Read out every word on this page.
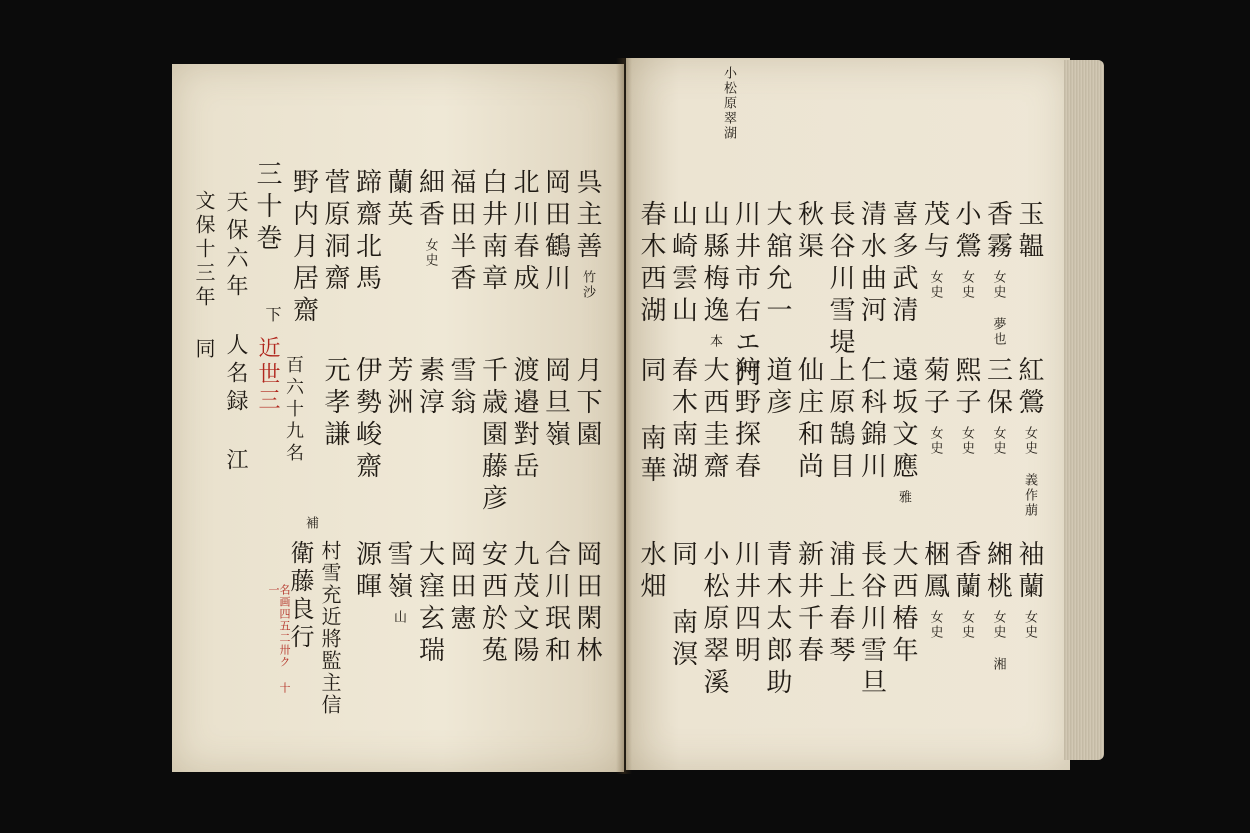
小松原翠湖
玉韞
香霧女史 夢也
小鶯女史
茂与女史
喜多武清
清水曲河
長谷川雪堤
秋渠
大舘允一
川井市右エ門
山縣梅逸本
山崎雲山
春木西湖
紅鶯女史 義作萠
三保女史
熙子女史
菊子女史
遠坂文應雅
仁科錦川
上原鵠目
仙庄和尚
道彦
狩野探春
大西圭齋
春木南湖
同 南華
袖蘭女史
緗桃女史 湘
香蘭女史
梱鳳女史
大西椿年
長谷川雪旦
浦上春琴
新井千春
青木太郎助
川井四明
小松原翠溪
同 南溟
水畑
呉主善竹沙
岡田鶴川
北川春成
白井南章
福田半香
細香女史
蘭英
蹄齋北馬
菅原洞齋
野内月居齋
月下園
岡旦嶺
渡邉對岳
千歳園藤彦
雪翁
素淳
芳洲
伊勢峻齋
元孝謙
岡田閑林
合川珉和
九茂文陽
安西於菟
岡田憲
大窪玄瑞
雪嶺山
源暉
百六十九名
補
村雪充近將監主信
衛藤良行
名画四五二卅ク 十一
三十巻
下
近世三
天保六年 人名録 江
文保十三年 同
